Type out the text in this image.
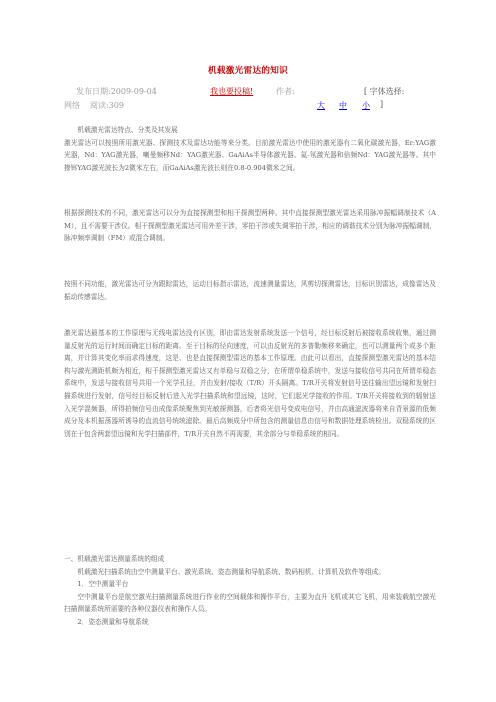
机载激光雷达的知识
发布日期:2009-09-04	我也要投稿!	作者:	[ 字体选择:
网络 阅读:309	大 中 小 ]

机载激光雷达特点、分类及其发展

激光雷达可以按照所用激光器、探测技术及雷达功能等来分类。目前激光雷达中使用的激光器有二氧化碳激光器，Er:YAG激光器，Nd：YAG激光器，喇曼频移Nd：YAG激光器、GaAiAs半导体激光器、氦-氖激光器和倍频Nd：YAG激光器等。其中掺铒YAG激光波长为2微米左右，而GaAiAs激光波长则在0.8-0.904微米之间。

根据探测技术的不同，激光雷达可以分为直接探测型和相干探测型两种。其中直接探测型激光雷达采用脉冲振幅调制技术（AM），且不需要干涉仪。相干探测型激光雷达可用外差干涉，零拍干涉或失调零拍干涉，相应的调谐技术分别为脉冲振幅调制，脉冲频率调制（FM）或混合调制。

按照不同功能，激光雷达可分为跟踪雷达，运动目标指示雷达，流速测量雷达，风剪切探测雷达，目标识别雷达，成像雷达及振动传感雷达。

激光雷达最基本的工作原理与无线电雷达没有区别，即由雷达发射系统发送一个信号，经目标反射后被接收系统收集，通过测量反射光的运行时间而确定目标的距离。至于目标的径向速度，可以由反射光的多普勒频移来确定，也可以测量两个或多个距离，并计算其变化率而求得速度，这是、也是直接探测型雷达的基本工作原理。由此可以看出，直接探测型激光雷达的基本结构与激光测距机颇为相近，相干探测型激光雷达又有单稳与双稳之分，在所谓单稳系统中，发送与接收信号共同在所谓单稳态系统中，发送与接收信号共用一个光学孔径，并由发射/接收（T/R）开头隔离。T/R开关将发射信号送往输出望远镜和发射扫描系统进行发射，信号经目标反射后进入光学扫描系统和望远镜，这时，它们起光学接收的作用。T/R开关将接收到的辐射送入光学混频器，所得拍频信号由成像系统聚焦到光敏探测器，后者将光信号变成电信号，并由高通滤波器将来自背景源的低频成分及本机振荡器所诱导的直流信号统统滤除。最后高频成分中所包含的测量信息由信号和数据处理系统检出。双稳系统的区别在于包含两套望远镜和光学扫描部件，T/R开关自然不再需要，其余部分与单稳系统的相同。

一、机载激光雷达测量系统的组成

机载激光扫描系统由空中测量平台、激光系统、姿态测量和导航系统、数码相机、计算机及软件等组成。

1．空中测量平台

空中测量平台是航空激光扫描测量系统进行作业的空间载体和操作平台，主要为直升飞机或其它飞机，用来装载航空激光扫描测量系统所需要的各种仪器仪表和操作人员。

2．姿态测量和导航系统
